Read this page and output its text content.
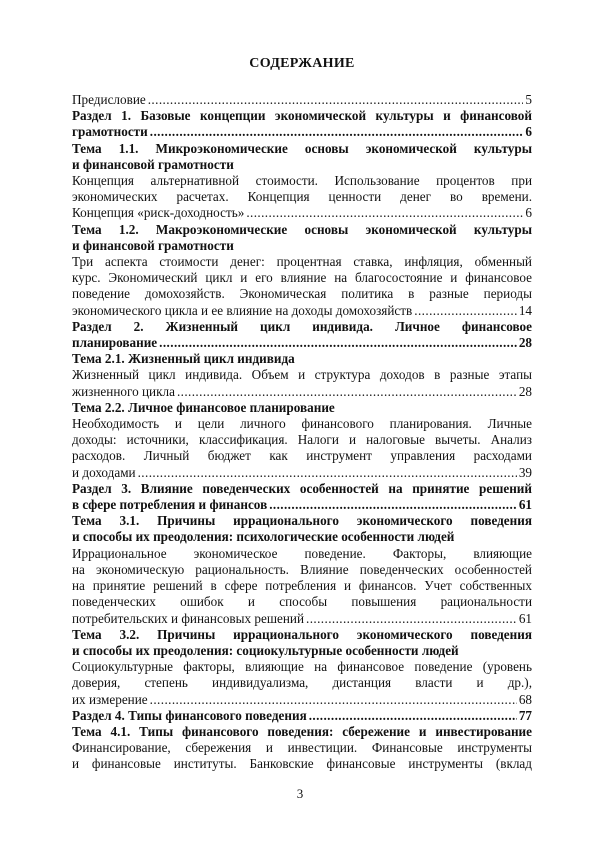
СОДЕРЖАНИЕ
Предисловие .....	5
Раздел 1. Базовые концепции экономической культуры и финансовой
грамотности .....	6
Тема 1.1. Микроэкономические основы экономической культуры
и финансовой грамотности
Концепция альтернативной стоимости. Использование процентов при
экономических расчетах. Концепция ценности денег во времени.
Концепция «риск-доходность» .....	6
Тема 1.2. Макроэкономические основы экономической культуры
и финансовой грамотности
Три аспекта стоимости денег: процентная ставка, инфляция, обменный
курс. Экономический цикл и его влияние на благосостояние и финансовое
поведение домохозяйств. Экономическая политика в разные периоды
экономического цикла и ее влияние на доходы домохозяйств .....	14
Раздел 2. Жизненный цикл индивида. Личное финансовое
планирование .....	28
Тема 2.1. Жизненный цикл индивида
Жизненный цикл индивида. Объем и структура доходов в разные этапы
жизненного цикла .....	28
Тема 2.2. Личное финансовое планирование
Необходимость и цели личного финансового планирования. Личные
доходы: источники, классификация. Налоги и налоговые вычеты. Анализ
расходов. Личный бюджет как инструмент управления расходами
и доходами .....	39
Раздел 3. Влияние поведенческих особенностей на принятие решений
в сфере потребления и финансов .....	61
Тема 3.1. Причины иррационального экономического поведения
и способы их преодоления: психологические особенности людей
Иррациональное экономическое поведение. Факторы, влияющие
на экономическую рациональность. Влияние поведенческих особенностей
на принятие решений в сфере потребления и финансов. Учет собственных
поведенческих ошибок и способы повышения рациональности
потребительских и финансовых решений .....	61
Тема 3.2. Причины иррационального экономического поведения
и способы их преодоления: социокультурные особенности людей
Социокультурные факторы, влияющие на финансовое поведение (уровень
доверия, степень индивидуализма, дистанция власти и др.),
их измерение .....	68
Раздел 4. Типы финансового поведения .....	77
Тема 4.1. Типы финансового поведения: сбережение и инвестирование
Финансирование, сбережения и инвестиции. Финансовые инструменты
и финансовые институты. Банковские финансовые инструменты (вклад
3
